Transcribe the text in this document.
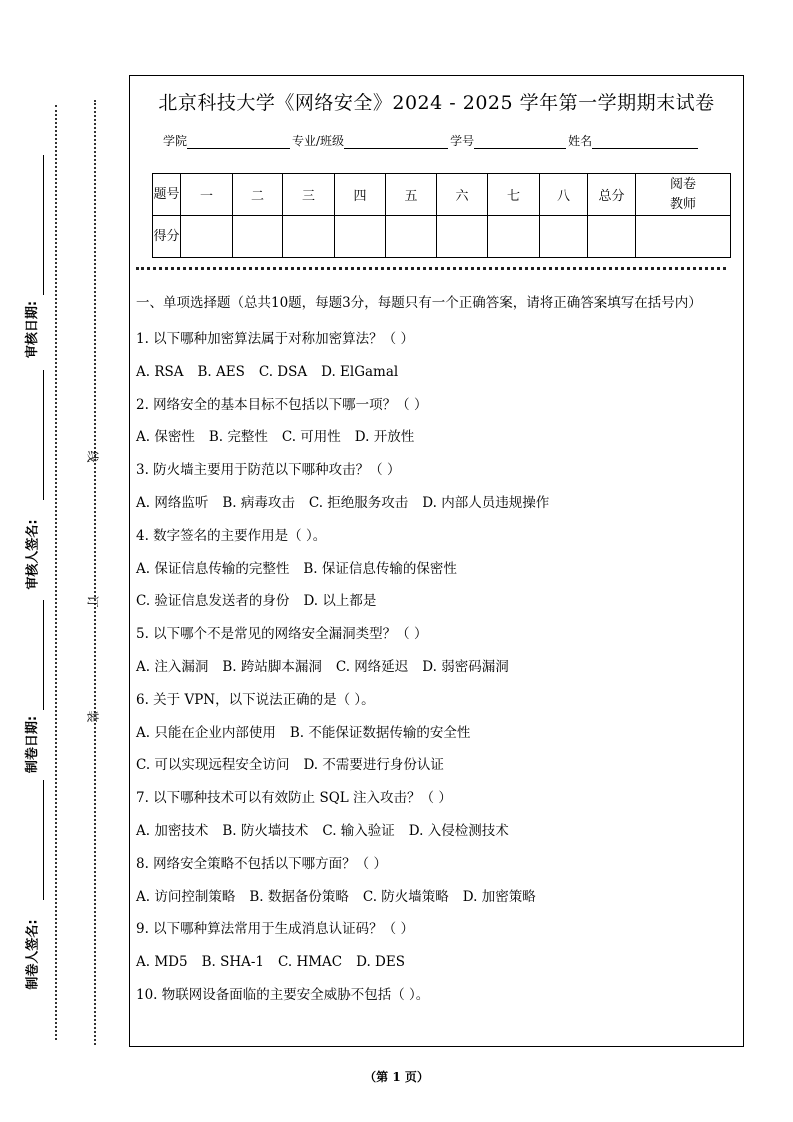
审核日期:
审核人签名:
制卷日期:
制卷人签名:
线
订
装
北京科技大学《网络安全》2024 - 2025 学年第一学期期末试卷
学院	专业/班级	学号	姓名
题号	一	二	三	四	五	六	七	八	总分	阅卷教师

得分										
一、单项选择题（总共10题，每题3分，每题只有一个正确答案，请将正确答案填写在括号内）
1. 以下哪种加密算法属于对称加密算法？（ ）
A. RSA B. AES C. DSA D. ElGamal
2. 网络安全的基本目标不包括以下哪一项？（ ）
A. 保密性 B. 完整性 C. 可用性 D. 开放性
3. 防火墙主要用于防范以下哪种攻击？（ ）
A. 网络监听 B. 病毒攻击 C. 拒绝服务攻击 D. 内部人员违规操作
4. 数字签名的主要作用是（ ）。
A. 保证信息传输的完整性 B. 保证信息传输的保密性
C. 验证信息发送者的身份 D. 以上都是
5. 以下哪个不是常见的网络安全漏洞类型？（ ）
A. 注入漏洞 B. 跨站脚本漏洞 C. 网络延迟 D. 弱密码漏洞
6. 关于 VPN，以下说法正确的是（ ）。
A. 只能在企业内部使用 B. 不能保证数据传输的安全性
C. 可以实现远程安全访问 D. 不需要进行身份认证
7. 以下哪种技术可以有效防止 SQL 注入攻击？（ ）
A. 加密技术 B. 防火墙技术 C. 输入验证 D. 入侵检测技术
8. 网络安全策略不包括以下哪方面？（ ）
A. 访问控制策略 B. 数据备份策略 C. 防火墙策略 D. 加密策略
9. 以下哪种算法常用于生成消息认证码？（ ）
A. MD5 B. SHA-1 C. HMAC D. DES
10. 物联网设备面临的主要安全威胁不包括（ ）。
（第 1 页）
